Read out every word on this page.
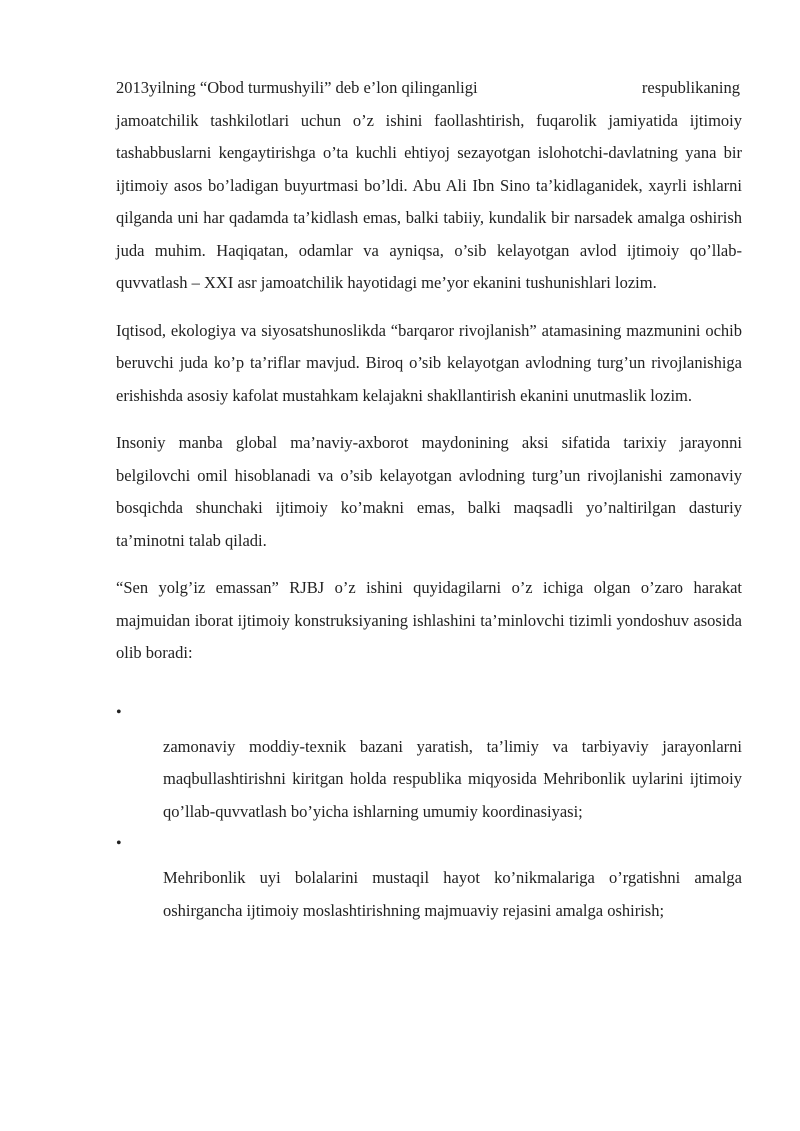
2013yilning “Obod turmushyili” deb e’lon qilinganligi	respublikaning
jamoatchilik tashkilotlari uchun o’z ishini faollashtirish, fuqarolik jamiyatida ijtimoiy tashabbuslarni kengaytirishga o’ta kuchli ehtiyoj sezayotgan islohotchi-davlatning yana bir ijtimoiy asos bo’ladigan buyurtmasi bo’ldi. Abu Ali Ibn Sino ta’kidlaganidek, xayrli ishlarni qilganda uni har qadamda ta’kidlash emas, balki tabiiy, kundalik bir narsadek amalga oshirish juda muhim. Haqiqatan, odamlar va ayniqsa, o’sib kelayotgan avlod ijtimoiy qo’llab-quvvatlash – XXI asr jamoatchilik hayotidagi me’yor ekanini tushunishlari lozim.

Iqtisod, ekologiya va siyosatshunoslikda “barqaror rivojlanish” atamasining mazmunini ochib beruvchi juda ko’p ta’riflar mavjud. Biroq o’sib kelayotgan avlodning turg’un rivojlanishiga erishishda asosiy kafolat mustahkam kelajakni shakllantirish ekanini unutmaslik lozim.

Insoniy manba global ma’naviy-axborot maydonining aksi sifatida tarixiy jarayonni belgilovchi omil hisoblanadi va o’sib kelayotgan avlodning turg’un rivojlanishi zamonaviy bosqichda shunchaki ijtimoiy ko’makni emas, balki maqsadli yo’naltirilgan dasturiy ta’minotni talab qiladi.

“Sen yolg’iz emassan” RJBJ o’z ishini quyidagilarni o’z ichiga olgan o’zaro harakat majmuidan iborat ijtimoiy konstruksiyaning ishlashini ta’minlovchi tizimli yondoshuv asosida olib boradi:

•
zamonaviy moddiy-texnik bazani yaratish, ta’limiy va tarbiyaviy jarayonlarni maqbullashtirishni kiritgan holda respublika miqyosida Mehribonlik uylarini ijtimoiy qo’llab-quvvatlash bo’yicha ishlarning umumiy koordinasiyasi;
•
Mehribonlik uyi bolalarini mustaqil hayot ko’nikmalariga o’rgatishni amalga oshirganchа ijtimoiy moslashtirishning majmuaviy rejasini amalga oshirish;
